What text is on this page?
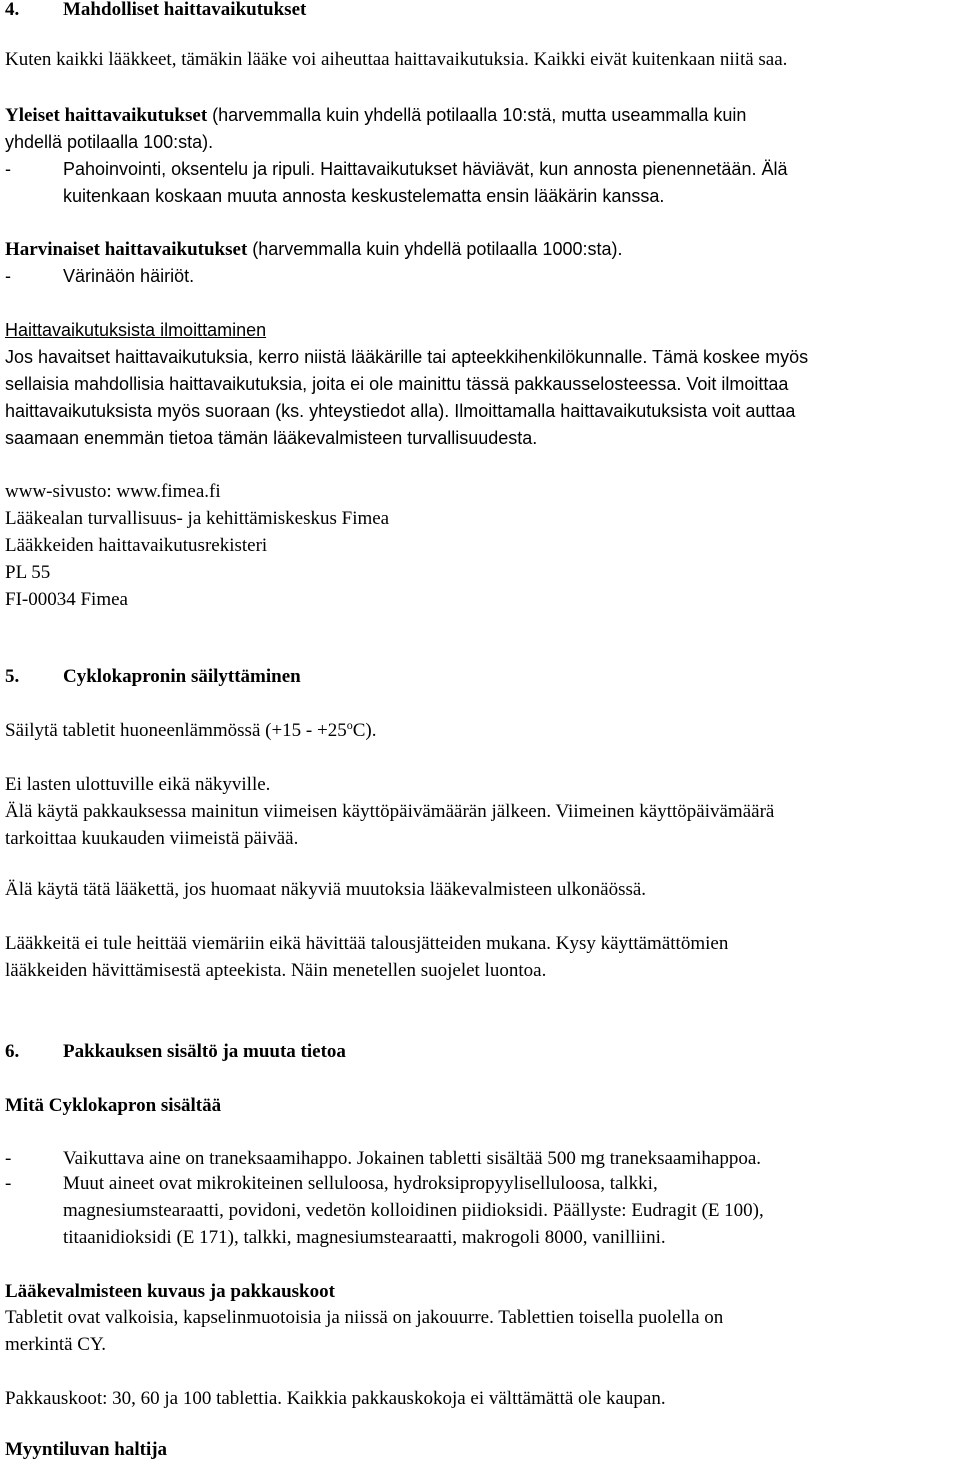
4. Mahdolliset haittavaikutukset
Kuten kaikki lääkkeet, tämäkin lääke voi aiheuttaa haittavaikutuksia. Kaikki eivät kuitenkaan niitä saa.
Yleiset haittavaikutukset (harvemmalla kuin yhdellä potilaalla 10:stä, mutta useammalla kuin
yhdellä potilaalla 100:sta).
-	Pahoinvointi, oksentelu ja ripuli. Haittavaikutukset häviävät, kun annosta pienennetään. Älä
kuitenkaan koskaan muuta annosta keskustelematta ensin lääkärin kanssa.
Harvinaiset haittavaikutukset (harvemmalla kuin yhdellä potilaalla 1000:sta).
-	Värinäön häiriöt.
Haittavaikutuksista ilmoittaminen
Jos havaitset haittavaikutuksia, kerro niistä lääkärille tai apteekkihenkilökunnalle. Tämä koskee myös
sellaisia mahdollisia haittavaikutuksia, joita ei ole mainittu tässä pakkausselosteessa. Voit ilmoittaa
haittavaikutuksista myös suoraan (ks. yhteystiedot alla). Ilmoittamalla haittavaikutuksista voit auttaa
saamaan enemmän tietoa tämän lääkevalmisteen turvallisuudesta.
www-sivusto: www.fimea.fi
Lääkealan turvallisuus- ja kehittämiskeskus Fimea
Lääkkeiden haittavaikutusrekisteri
PL 55
FI-00034 Fimea
5. Cyklokapronin säilyttäminen
Säilytä tabletit huoneenlämmössä $(+15 - +25^oC)$.
Ei lasten ulottuville eikä näkyville.
Älä käytä pakkauksessa mainitun viimeisen käyttöpäivämäärän jälkeen. Viimeinen käyttöpäivämäärä
tarkoittaa kuukauden viimeistä päivää.
Älä käytä tätä lääkettä, jos huomaat näkyviä muutoksia lääkevalmisteen ulkonäössä.
Lääkkeitä ei tule heittää viemäriin eikä hävittää talousjätteiden mukana. Kysy käyttämättömien
lääkkeiden hävittämisestä apteekista. Näin menetellen suojelet luontoa.
6. Pakkauksen sisältö ja muuta tietoa
Mitä Cyklokapron sisältää
-	Vaikuttava aine on traneksaamihappo. Jokainen tabletti sisältää 500 mg traneksaamihappoa.
-	Muut aineet ovat mikrokiteinen selluloosa, hydroksipropyyliselluloosa, talkki,
magnesiumstearaatti, povidoni, vedetön kolloidinen piidioksidi. Päällyste: Eudragit (E 100),
titaanidioksidi (E 171), talkki, magnesiumstearaatti, makrogoli 8000, vanilliini.
Lääkevalmisteen kuvaus ja pakkauskoot
Tabletit ovat valkoisia, kapselinmuotoisia ja niissä on jakouurre. Tablettien toisella puolella on
merkintä CY.
Pakkauskoot: 30, 60 ja 100 tablettia. Kaikkia pakkauskokoja ei välttämättä ole kaupan.
Myyntiluvan haltija
